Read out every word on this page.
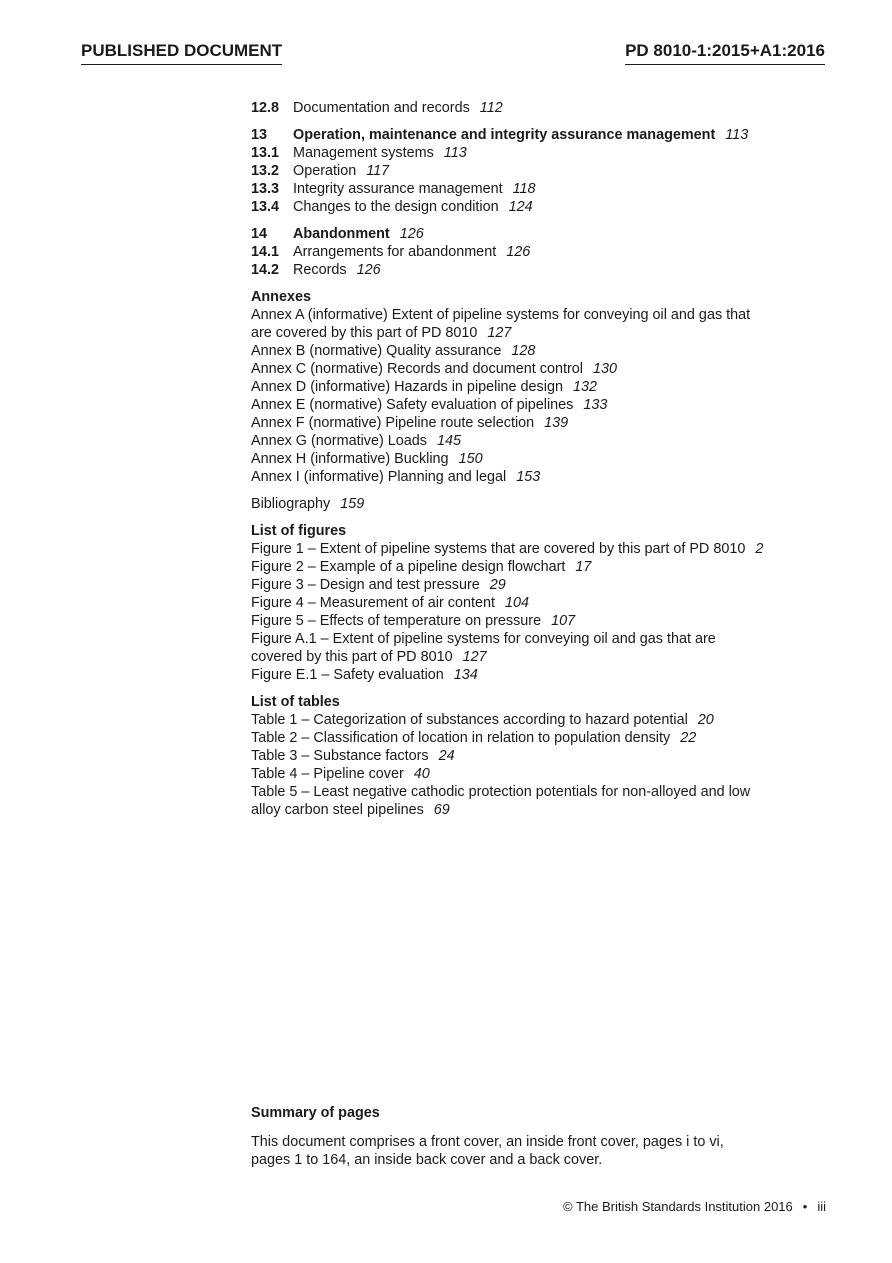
PUBLISHED DOCUMENT	PD 8010-1:2015+A1:2016
12.8 Documentation and records 112
13	Operation, maintenance and integrity assurance management 113
13.1 Management systems 113
13.2 Operation 117
13.3 Integrity assurance management 118
13.4 Changes to the design condition 124
14	Abandonment 126
14.1 Arrangements for abandonment 126
14.2 Records 126
Annexes
Annex A (informative) Extent of pipeline systems for conveying oil and gas that
are covered by this part of PD 8010 127
Annex B (normative) Quality assurance 128
Annex C (normative) Records and document control 130
Annex D (informative) Hazards in pipeline design 132
Annex E (normative) Safety evaluation of pipelines 133
Annex F (normative) Pipeline route selection 139
Annex G (normative) Loads 145
Annex H (informative) Buckling 150
Annex I (informative) Planning and legal 153
Bibliography 159
List of figures
Figure 1 – Extent of pipeline systems that are covered by this part of PD 8010 2
Figure 2 – Example of a pipeline design flowchart 17
Figure 3 – Design and test pressure 29
Figure 4 – Measurement of air content 104
Figure 5 – Effects of temperature on pressure 107
Figure A.1 – Extent of pipeline systems for conveying oil and gas that are
covered by this part of PD 8010 127
Figure E.1 – Safety evaluation 134
List of tables
Table 1 – Categorization of substances according to hazard potential 20
Table 2 – Classification of location in relation to population density 22
Table 3 – Substance factors 24
Table 4 – Pipeline cover 40
Table 5 – Least negative cathodic protection potentials for non-alloyed and low
alloy carbon steel pipelines 69
Summary of pages
This document comprises a front cover, an inside front cover, pages i to vi,
pages 1 to 164, an inside back cover and a back cover.
© The British Standards Institution 2016 • iii
